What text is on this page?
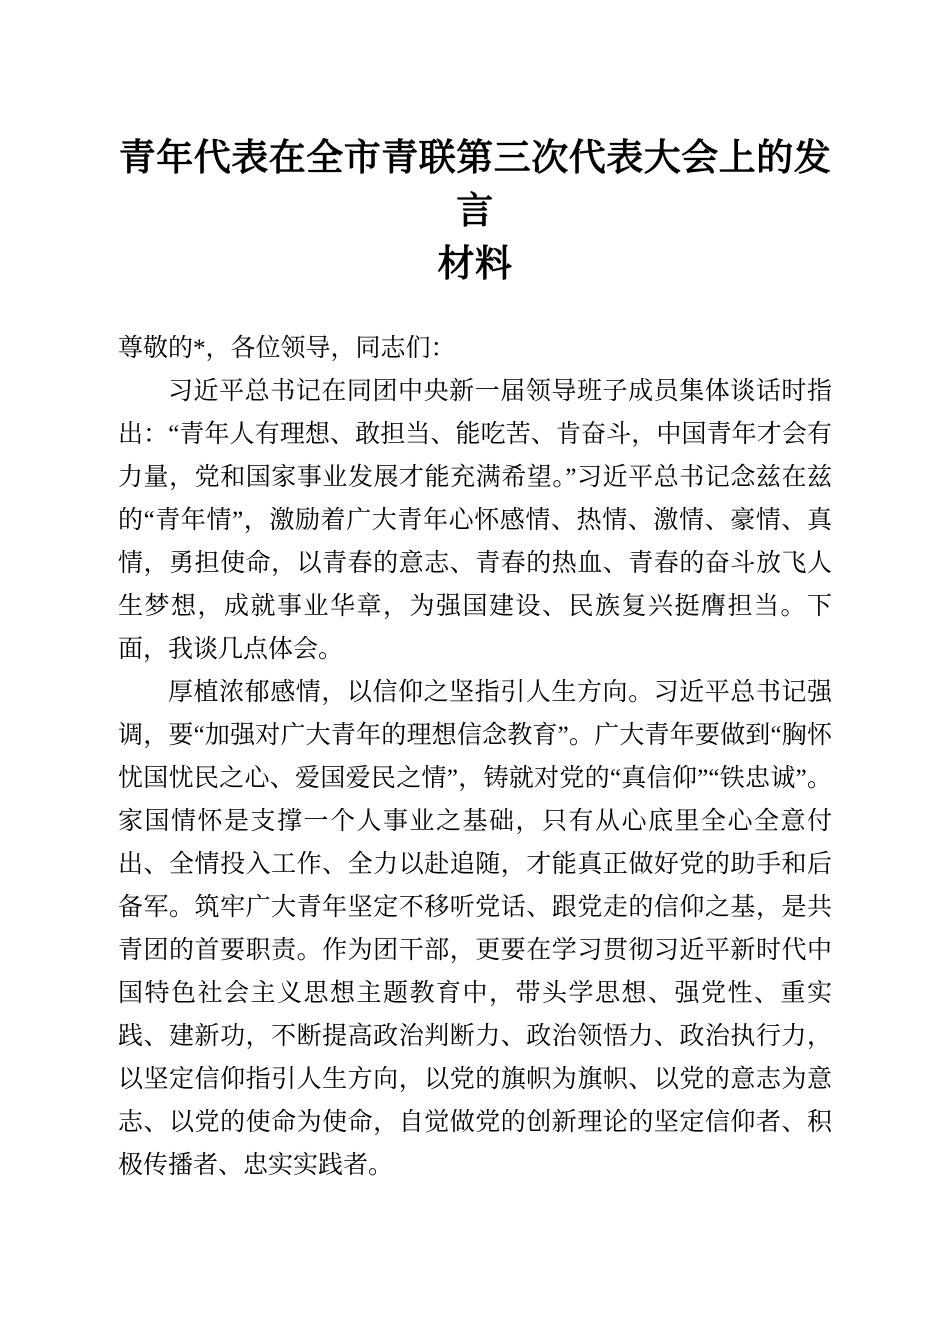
青年代表在全市青联第三次代表大会上的发言
材料

尊敬的*，各位领导，同志们：

习近平总书记在同团中央新一届领导班子成员集体谈话时指出：“青年人有理想、敢担当、能吃苦、肯奋斗，中国青年才会有力量，党和国家事业发展才能充满希望。”习近平总书记念兹在兹的“青年情”，激励着广大青年心怀感情、热情、激情、豪情、真情，勇担使命，以青春的意志、青春的热血、青春的奋斗放飞人生梦想，成就事业华章，为强国建设、民族复兴挺膺担当。下面，我谈几点体会。

厚植浓郁感情，以信仰之坚指引人生方向。习近平总书记强调，要“加强对广大青年的理想信念教育”。广大青年要做到“胸怀忧国忧民之心、爱国爱民之情”，铸就对党的“真信仰”“铁忠诚”。家国情怀是支撑一个人事业之基础，只有从心底里全心全意付出、全情投入工作、全力以赴追随，才能真正做好党的助手和后备军。筑牢广大青年坚定不移听党话、跟党走的信仰之基，是共青团的首要职责。作为团干部，更要在学习贯彻习近平新时代中国特色社会主义思想主题教育中，带头学思想、强党性、重实践、建新功，不断提高政治判断力、政治领悟力、政治执行力，以坚定信仰指引人生方向，以党的旗帜为旗帜、以党的意志为意志、以党的使命为使命，自觉做党的创新理论的坚定信仰者、积极传播者、忠实实践者。
